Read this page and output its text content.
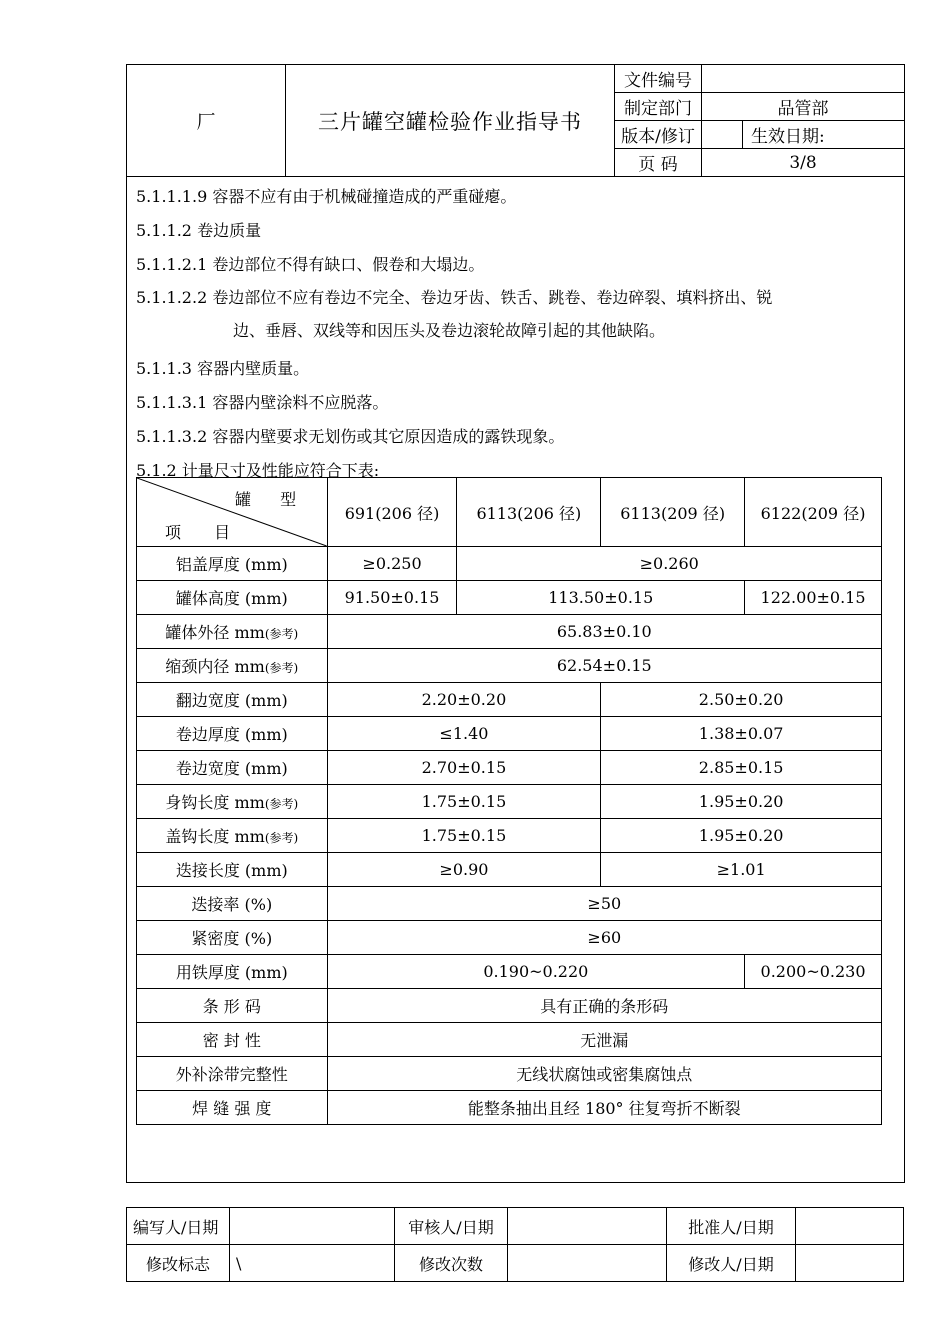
厂	三片罐空罐检验作业指导书	文件编号		
		制定部门	品管部	
		版本/修订		生效日期:
		页 码	3/8	
5.1.1.1.9 容器不应有由于机械碰撞造成的严重碰瘪。
5.1.1.2 卷边质量
5.1.1.2.1 卷边部位不得有缺口、假卷和大塌边。
5.1.1.2.2 卷边部位不应有卷边不完全、卷边牙齿、铁舌、跳卷、卷边碎裂、填料挤出、锐
边、垂唇、双线等和因压头及卷边滚轮故障引起的其他缺陷。
5.1.1.3 容器内壁质量。
5.1.1.3.1 容器内壁涂料不应脱落。
5.1.1.3.2 容器内壁要求无划伤或其它原因造成的露铁现象。
5.1.2 计量尺寸及性能应符合下表:
罐 型
项 目	691(206 径)	6113(206 径)	6113(209 径)	6122(209 径)
铝盖厚度 (mm)	≥0.250	≥0.260		
罐体高度 (mm)	91.50±0.15	113.50±0.15		122.00±0.15
罐体外径 mm(参考)	65.83±0.10			
缩颈内径 mm(参考)	62.54±0.15			
翻边宽度 (mm)	2.20±0.20		2.50±0.20	
卷边厚度 (mm)	≤1.40		1.38±0.07	
卷边宽度 (mm)	2.70±0.15		2.85±0.15	
身钩长度 mm(参考)	1.75±0.15		1.95±0.20	
盖钩长度 mm(参考)	1.75±0.15		1.95±0.20	
迭接长度 (mm)	≥0.90		≥1.01	
迭接率 (%)	≥50			
紧密度 (%)	≥60			
用铁厚度 (mm)	0.190~0.220			0.200~0.230
条 形 码	具有正确的条形码			
密 封 性	无泄漏			
外补涂带完整性	无线状腐蚀或密集腐蚀点			
焊 缝 强 度	能整条抽出且经 180° 往复弯折不断裂			
编写人/日期		审核人/日期		批准人/日期	
修改标志	\	修改次数		修改人/日期	
